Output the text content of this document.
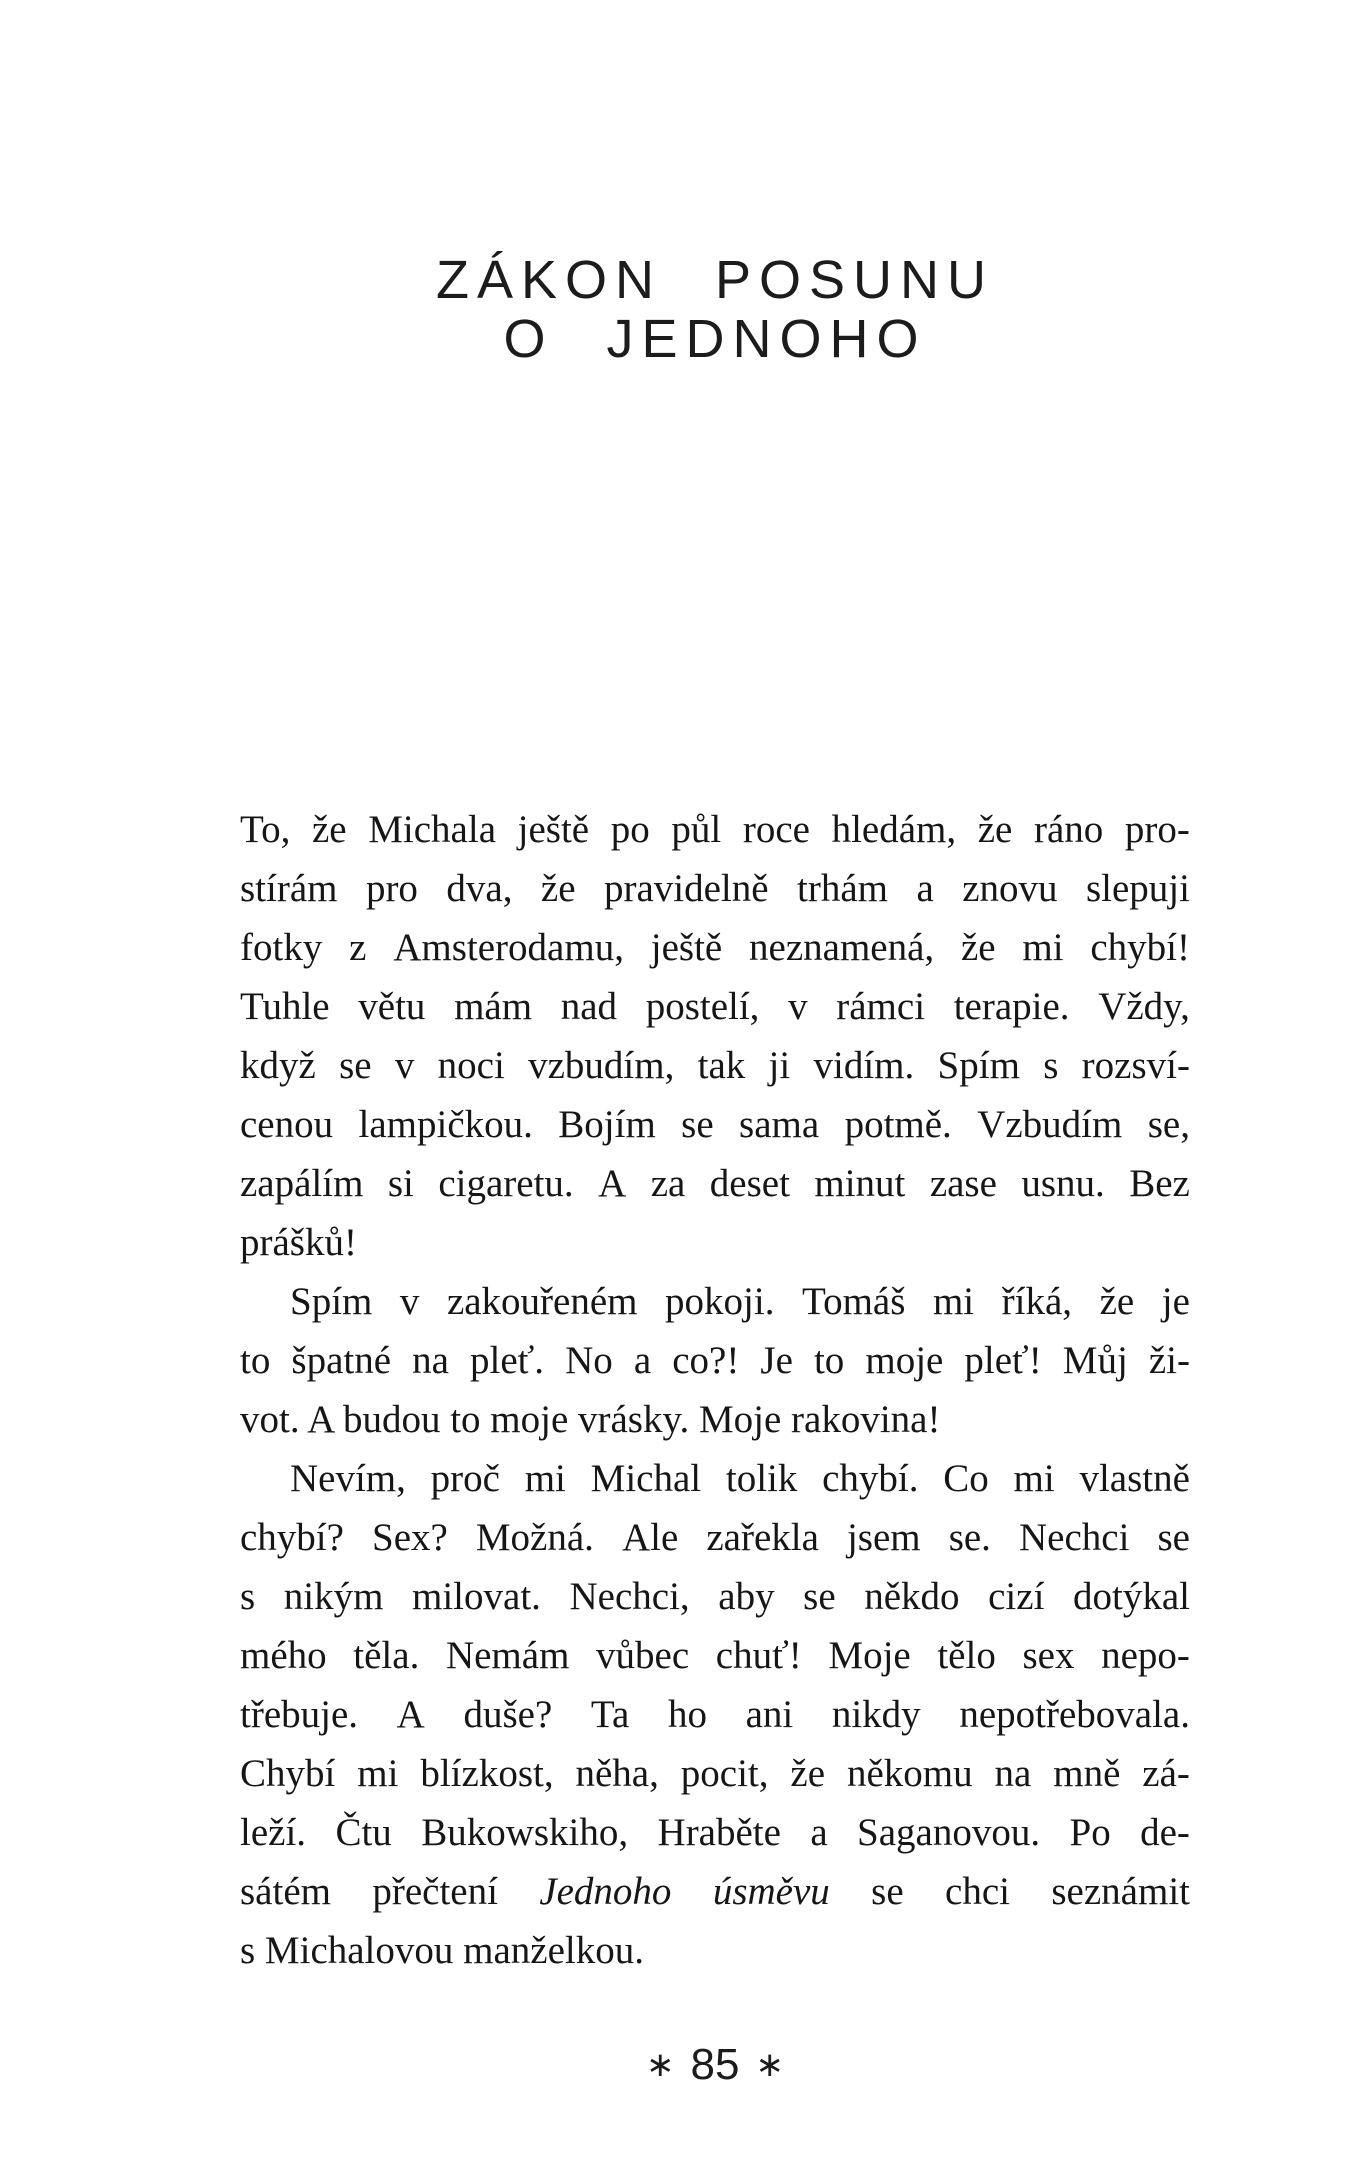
ZÁKON POSUNU
O JEDNOHO
To, že Michala ještě po půl roce hledám, že ráno pro-
stírám pro dva, že pravidelně trhám a znovu slepuji
fotky z Amsterodamu, ještě neznamená, že mi chybí!
Tuhle větu mám nad postelí, v rámci terapie. Vždy,
když se v noci vzbudím, tak ji vidím. Spím s rozsví-
cenou lampičkou. Bojím se sama potmě. Vzbudím se,
zapálím si cigaretu. A za deset minut zase usnu. Bez
prášků!
Spím v zakouřeném pokoji. Tomáš mi říká, že je
to špatné na pleť. No a co?! Je to moje pleť! Můj ži-
vot. A budou to moje vrásky. Moje rakovina!
Nevím, proč mi Michal tolik chybí. Co mi vlastně
chybí? Sex? Možná. Ale zařekla jsem se. Nechci se
s nikým milovat. Nechci, aby se někdo cizí dotýkal
mého těla. Nemám vůbec chuť! Moje tělo sex nepo-
třebuje. A duše? Ta ho ani nikdy nepotřebovala.
Chybí mi blízkost, něha, pocit, že někomu na mně zá-
leží. Čtu Bukowskiho, Hraběte a Saganovou. Po de-
sátém přečtení Jednoho úsměvu se chci seznámit
s Michalovou manželkou.
∗ 85 ∗
